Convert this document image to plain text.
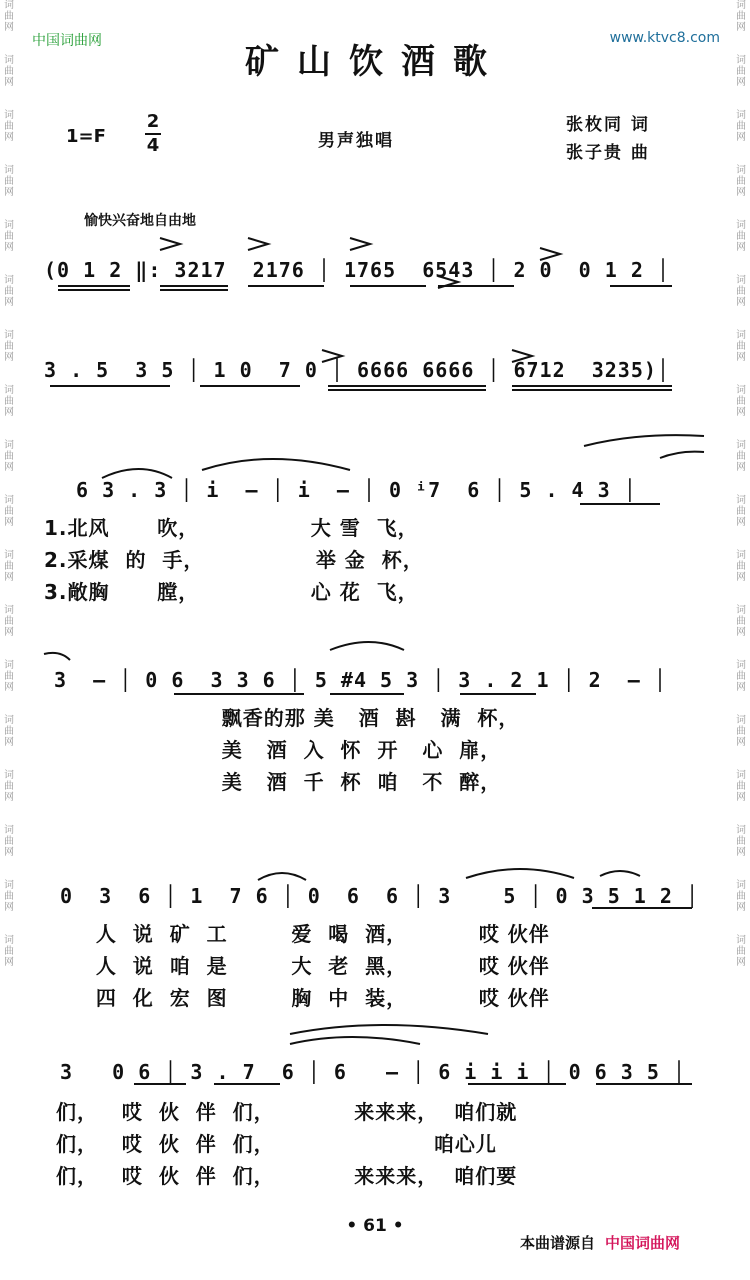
词
曲
网

词
曲
网

词
曲
网

词
曲
网

词
曲
网

词
曲
网

词
曲
网

词
曲
网

词
曲
网

词
曲
网

词
曲
网

词
曲
网

词
曲
网

词
曲
网

词
曲
网

词
曲
网

词
曲
网

词
曲
网

词
曲
网

词
曲
网

词
曲
网

词
曲
网

词
曲
网

词
曲
网

词
曲
网

词
曲
网

词
曲
网

词
曲
网

词
曲
网

词
曲
网

词
曲
网

词
曲
网

词
曲
网

词
曲
网

词
曲
网

词
曲
网

中国词曲网	www.ktvc8.com
矿山饮酒歌
1=F
2
4	男声独唱
张枚同 词
张子贵 曲
愉快兴奋地自由地
(0 1 2 ‖: 3217  2176 │ 1765  6543 │ 2 0  0 1 2 │
3 . 5  3 5 │ 1 0  7 0 │ 6666 6666 │ 6712  3235)│
6 3 . 3 │ i  — │ i  — │ 0 ⁱ7  6 │ 5 . 4 3 │
1.北风      吹，              大 雪  飞，
2.采煤  的  手，              举 金  杯，
3.敞胸      膛，              心 花  飞，
3  — │ 0 6  3 3 6 │ 5 #4 5 3 │ 3 . 2 1 │ 2  — │
飘香的那 美   酒  斟   满  杯，
美   酒  入  怀  开   心  扉，
美   酒  千  杯  咱   不  醉，
0  3  6 │ 1  7 6 │ 0  6  6 │ 3    5 │ 0 3 5 1 2 │
人  说  矿  工        爱  喝  酒，         哎 伙伴
人  说  咱  是        大  老  黑，         哎 伙伴
四  化  宏  图        胸  中  装，         哎 伙伴
3   0 6 │ 3 . 7  6 │ 6   — │ 6 i i i │ 0 6 3 5 │
们，   哎  伙  伴  们，          来来来，  咱们就
们，   哎  伙  伴  们，                    咱心儿
们，   哎  伙  伴  们，          来来来，  咱们要
• 61 •
本曲谱源自 中国词曲网
